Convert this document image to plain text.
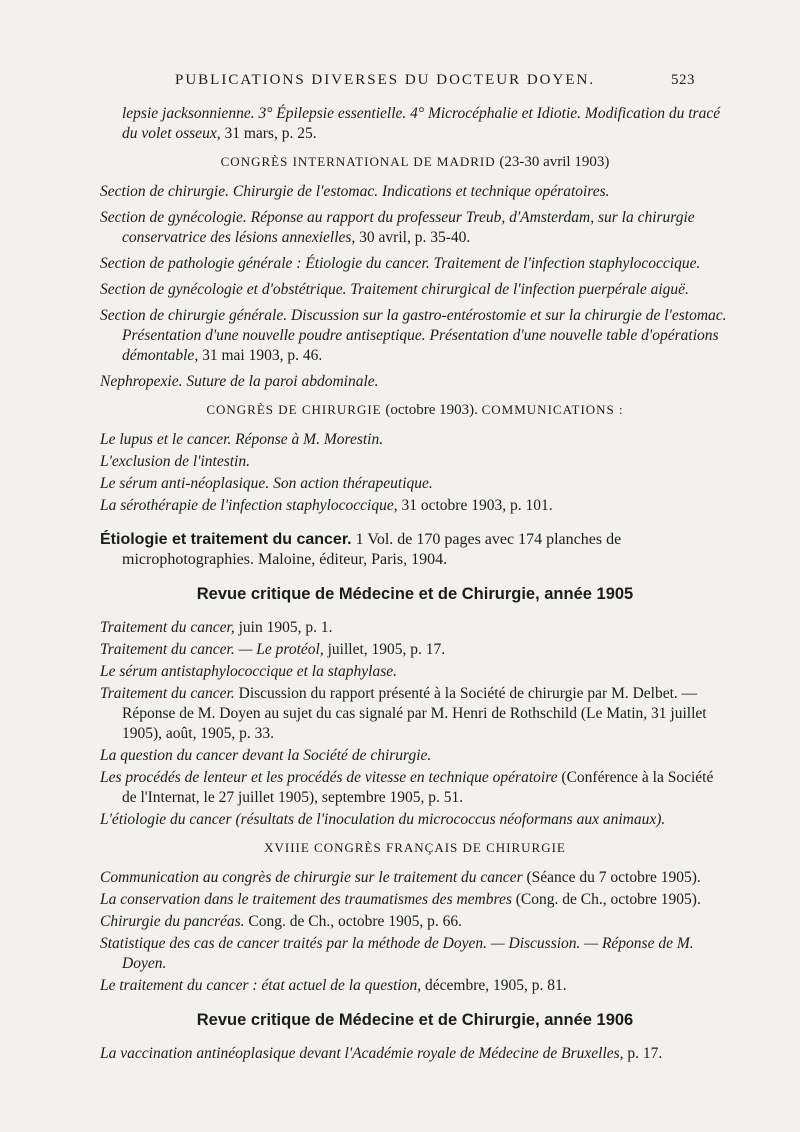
PUBLICATIONS DIVERSES DU DOCTEUR DOYEN.	523

lepsie jacksonnienne. 3° Épilepsie essentielle. 4° Microcéphalie et Idiotie. Modification du tracé du volet osseux, 31 mars, p. 25.

CONGRÈS INTERNATIONAL DE MADRID (23-30 avril 1903)

Section de chirurgie. Chirurgie de l'estomac. Indications et technique opératoires.

Section de gynécologie. Réponse au rapport du professeur Treub, d'Amsterdam, sur la chirurgie conservatrice des lésions annexielles, 30 avril, p. 35-40.

Section de pathologie générale : Étiologie du cancer. Traitement de l'infection staphylococcique.

Section de gynécologie et d'obstétrique. Traitement chirurgical de l'infection puerpérale aiguë.

Section de chirurgie générale. Discussion sur la gastro-entérostomie et sur la chirurgie de l'estomac. Présentation d'une nouvelle poudre antiseptique. Présentation d'une nouvelle table d'opérations démontable, 31 mai 1903, p. 46.

Nephropexie. Suture de la paroi abdominale.

CONGRÈS DE CHIRURGIE (octobre 1903). COMMUNICATIONS :

Le lupus et le cancer. Réponse à M. Morestin.

L'exclusion de l'intestin.

Le sérum anti-néoplasique. Son action thérapeutique.

La sérothérapie de l'infection staphylococcique, 31 octobre 1903, p. 101.

Étiologie et traitement du cancer. 1 Vol. de 170 pages avec 174 planches de microphotographies. Maloine, éditeur, Paris, 1904.

Revue critique de Médecine et de Chirurgie, année 1905

Traitement du cancer, juin 1905, p. 1.

Traitement du cancer. — Le protéol, juillet, 1905, p. 17.

Le sérum antistaphylococcique et la staphylase.

Traitement du cancer. Discussion du rapport présenté à la Société de chirurgie par M. Delbet. — Réponse de M. Doyen au sujet du cas signalé par M. Henri de Rothschild (Le Matin, 31 juillet 1905), août, 1905, p. 33.

La question du cancer devant la Société de chirurgie.

Les procédés de lenteur et les procédés de vitesse en technique opératoire (Conférence à la Société de l'Internat, le 27 juillet 1905), septembre 1905, p. 51.

L'étiologie du cancer (résultats de l'inoculation du micrococcus néoformans aux animaux).

XVIIIE CONGRÈS FRANÇAIS DE CHIRURGIE

Communication au congrès de chirurgie sur le traitement du cancer (Séance du 7 octobre 1905).

La conservation dans le traitement des traumatismes des membres (Cong. de Ch., octobre 1905).

Chirurgie du pancréas. Cong. de Ch., octobre 1905, p. 66.

Statistique des cas de cancer traités par la méthode de Doyen. — Discussion. — Réponse de M. Doyen.

Le traitement du cancer : état actuel de la question, décembre, 1905, p. 81.

Revue critique de Médecine et de Chirurgie, année 1906

La vaccination antinéoplasique devant l'Académie royale de Médecine de Bruxelles, p. 17.
